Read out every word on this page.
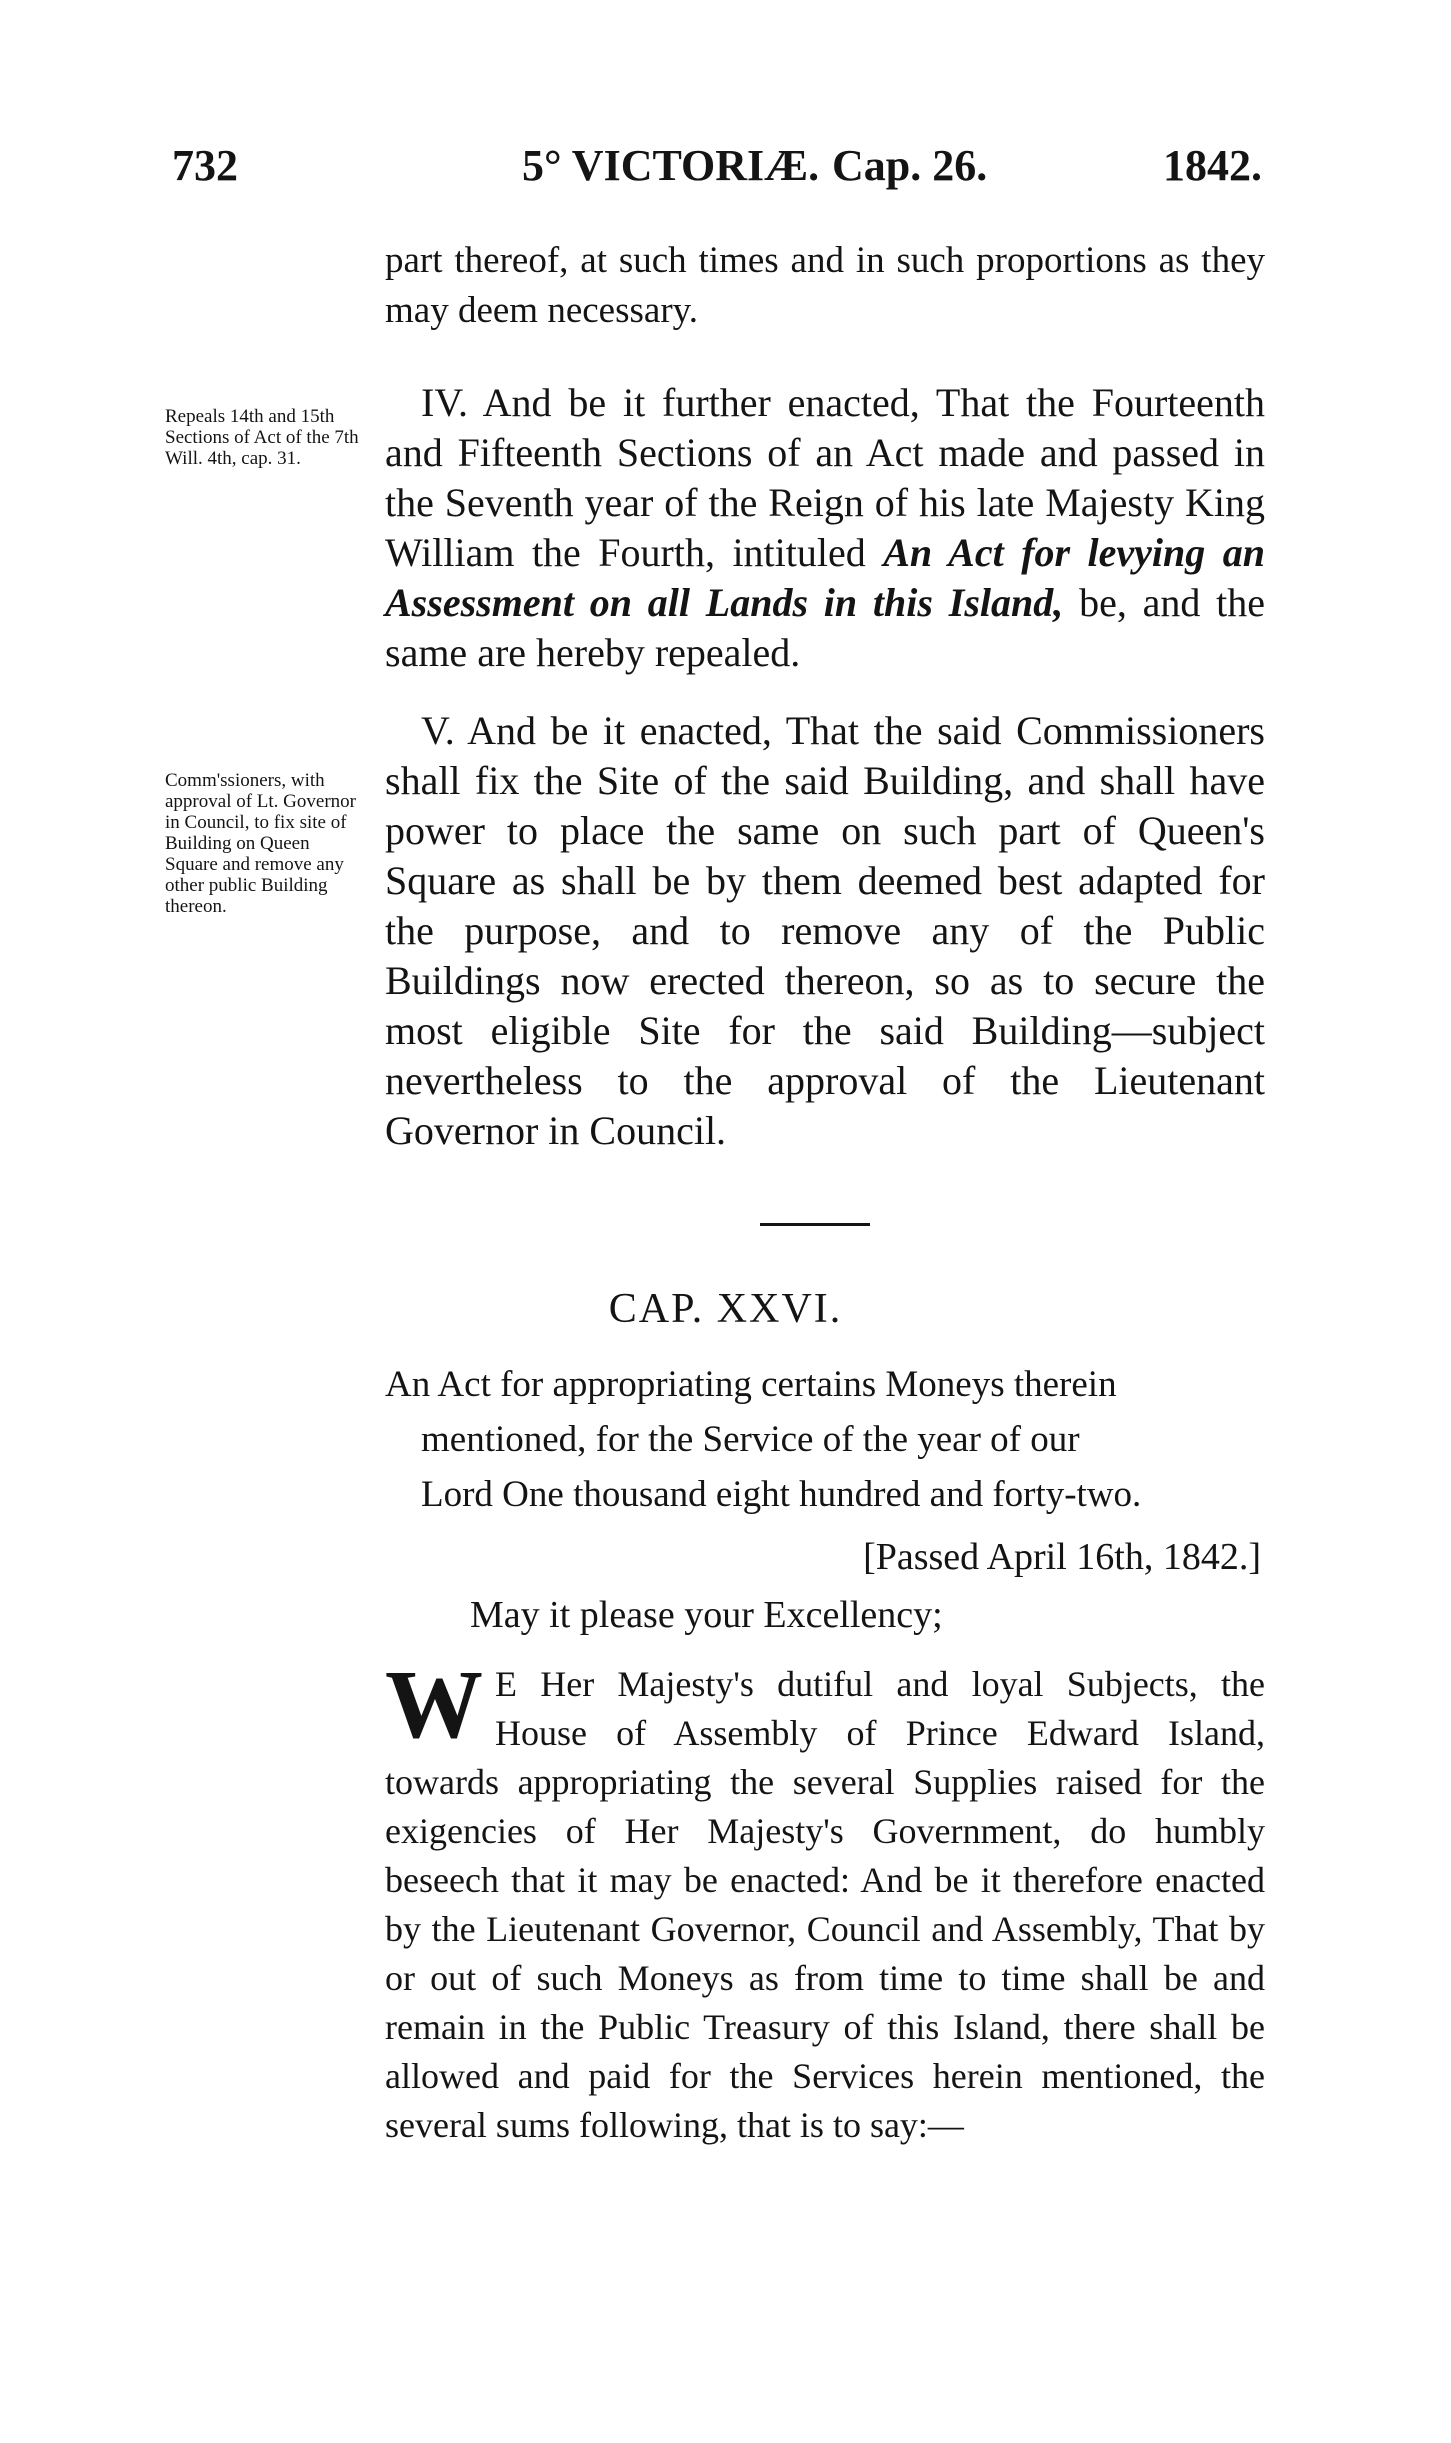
732	5° VICTORIÆ. Cap. 26.	1842.
part thereof, at such times and in such proportions as they may deem necessary.
Repeals 14th and 15th Sections of Act of the 7th Will. 4th, cap. 31.
IV. And be it further enacted, That the Fourteenth and Fifteenth Sections of an Act made and passed in the Seventh year of the Reign of his late Majesty King William the Fourth, intituled An Act for levying an Assessment on all Lands in this Island, be, and the same are hereby repealed.
Comm'ssioners, with approval of Lt. Governor in Council, to fix site of Building on Queen Square and remove any other public Building thereon.
V. And be it enacted, That the said Commissioners shall fix the Site of the said Building, and shall have power to place the same on such part of Queen's Square as shall be by them deemed best adapted for the purpose, and to remove any of the Public Buildings now erected thereon, so as to secure the most eligible Site for the said Building—subject nevertheless to the approval of the Lieutenant Governor in Council.
CAP. XXVI.
An Act for appropriating certains Moneys therein
mentioned, for the Service of the year of our
Lord One thousand eight hundred and forty-two.
[Passed April 16th, 1842.]
May it please your Excellency;
W E Her Majesty's dutiful and loyal Subjects, the House of Assembly of Prince Edward Island, towards appropriating the several Supplies raised for the exigencies of Her Majesty's Government, do humbly beseech that it may be enacted: And be it therefore enacted by the Lieutenant Governor, Council and Assembly, That by or out of such Moneys as from time to time shall be and remain in the Public Treasury of this Island, there shall be allowed and paid for the Services herein mentioned, the several sums following, that is to say:—
